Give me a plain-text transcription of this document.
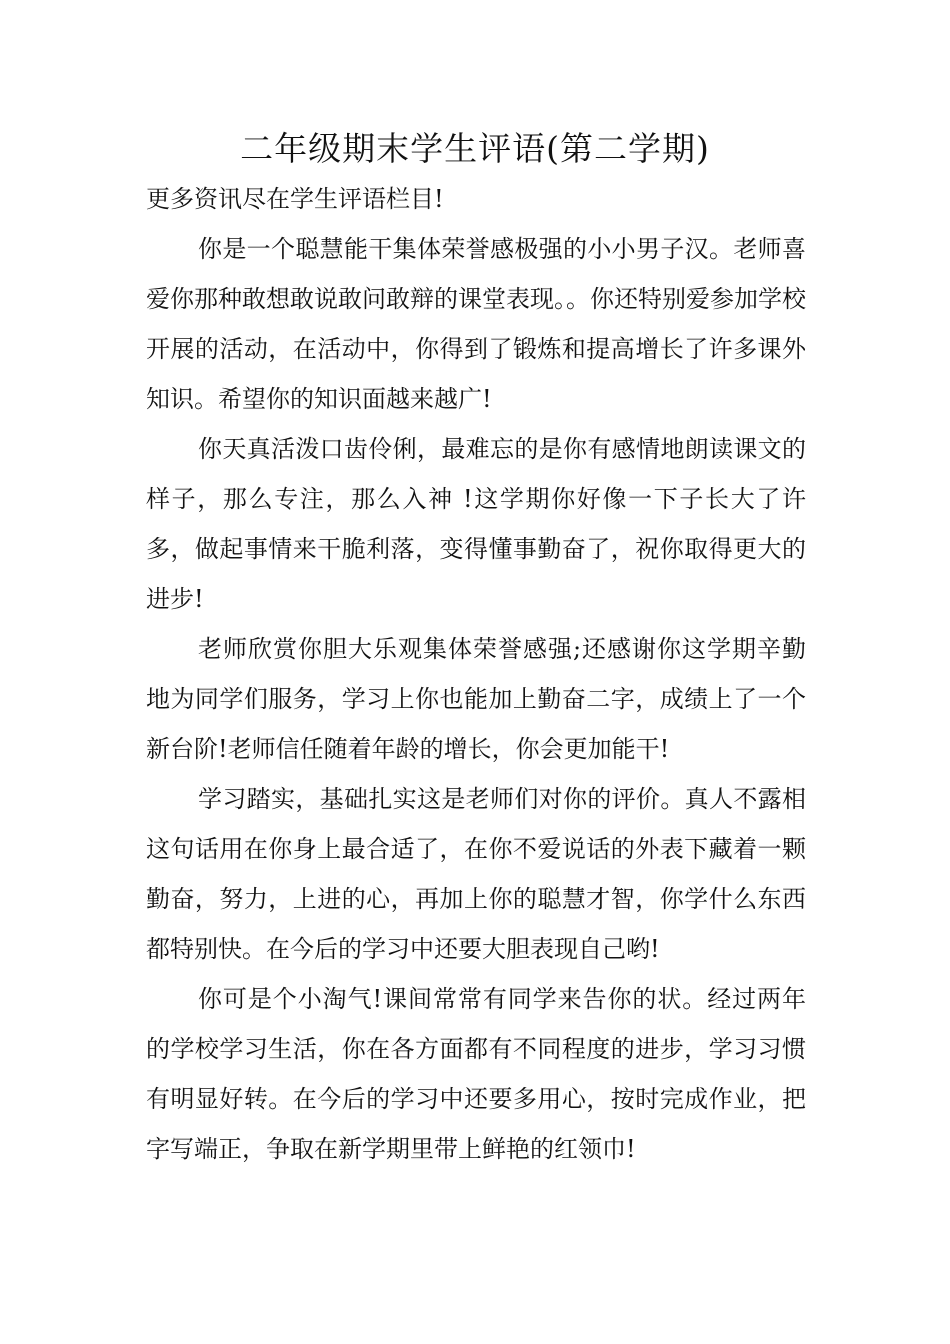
二年级期末学生评语(第二学期)

更多资讯尽在学生评语栏目!

你是一个聪慧能干集体荣誉感极强的小小男子汉。老师喜爱你那种敢想敢说敢问敢辩的课堂表现。。你还特别爱参加学校开展的活动，在活动中，你得到了锻炼和提高增长了许多课外知识。希望你的知识面越来越广!

你天真活泼口齿伶俐，最难忘的是你有感情地朗读课文的样子，那么专注，那么入神 !这学期你好像一下子长大了许多，做起事情来干脆利落，变得懂事勤奋了，祝你取得更大的进步!

老师欣赏你胆大乐观集体荣誉感强;还感谢你这学期辛勤地为同学们服务，学习上你也能加上勤奋二字，成绩上了一个新台阶!老师信任随着年龄的增长，你会更加能干!

学习踏实，基础扎实这是老师们对你的评价。真人不露相这句话用在你身上最合适了，在你不爱说话的外表下藏着一颗勤奋，努力，上进的心，再加上你的聪慧才智，你学什么东西都特别快。在今后的学习中还要大胆表现自己哟!

你可是个小淘气!课间常常有同学来告你的状。经过两年的学校学习生活，你在各方面都有不同程度的进步，学习习惯有明显好转。在今后的学习中还要多用心，按时完成作业，把字写端正，争取在新学期里带上鲜艳的红领巾!
